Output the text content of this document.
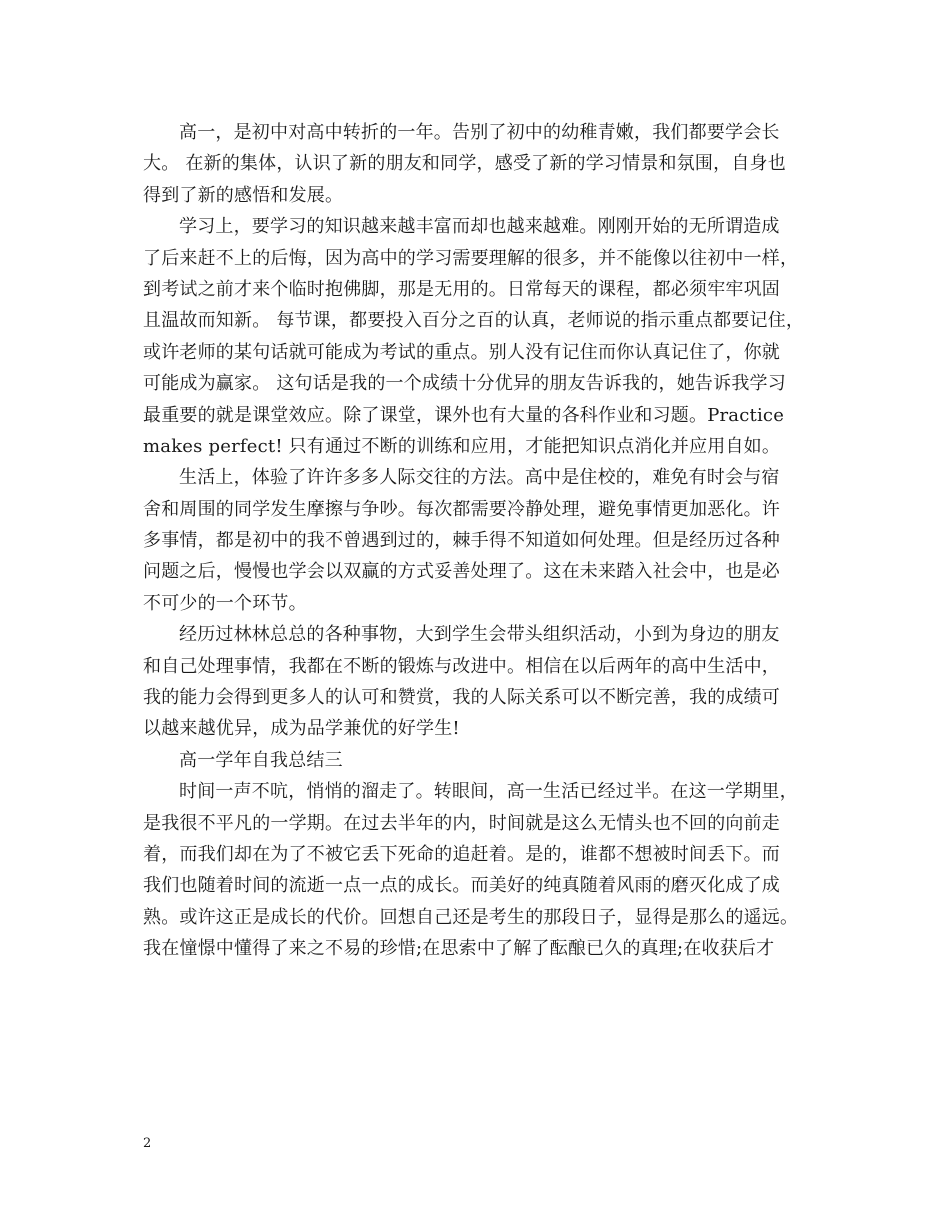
高一，是初中对高中转折的一年。告别了初中的幼稚青嫩，我们都要学会长
大。 在新的集体，认识了新的朋友和同学，感受了新的学习情景和氛围，自身也
得到了新的感悟和发展。
学习上，要学习的知识越来越丰富而却也越来越难。刚刚开始的无所谓造成
了后来赶不上的后悔，因为高中的学习需要理解的很多，并不能像以往初中一样，
到考试之前才来个临时抱佛脚，那是无用的。日常每天的课程，都必须牢牢巩固
且温故而知新。 每节课，都要投入百分之百的认真，老师说的指示重点都要记住，
或许老师的某句话就可能成为考试的重点。别人没有记住而你认真记住了，你就
可能成为赢家。 这句话是我的一个成绩十分优异的朋友告诉我的，她告诉我学习
最重要的就是课堂效应。除了课堂，课外也有大量的各科作业和习题。Practice
makes perfect! 只有通过不断的训练和应用，才能把知识点消化并应用自如。
生活上，体验了许许多多人际交往的方法。高中是住校的，难免有时会与宿
舍和周围的同学发生摩擦与争吵。每次都需要冷静处理，避免事情更加恶化。许
多事情，都是初中的我不曾遇到过的，棘手得不知道如何处理。但是经历过各种
问题之后，慢慢也学会以双赢的方式妥善处理了。这在未来踏入社会中，也是必
不可少的一个环节。
经历过林林总总的各种事物，大到学生会带头组织活动，小到为身边的朋友
和自己处理事情，我都在不断的锻炼与改进中。相信在以后两年的高中生活中，
我的能力会得到更多人的认可和赞赏，我的人际关系可以不断完善，我的成绩可
以越来越优异，成为品学兼优的好学生!
高一学年自我总结三
时间一声不吭，悄悄的溜走了。转眼间，高一生活已经过半。在这一学期里，
是我很不平凡的一学期。在过去半年的内，时间就是这么无情头也不回的向前走
着，而我们却在为了不被它丢下死命的追赶着。是的，谁都不想被时间丢下。而
我们也随着时间的流逝一点一点的成长。而美好的纯真随着风雨的磨灭化成了成
熟。或许这正是成长的代价。回想自己还是考生的那段日子，显得是那么的遥远。
我在憧憬中懂得了来之不易的珍惜;在思索中了解了酝酿已久的真理;在收获后才
2
